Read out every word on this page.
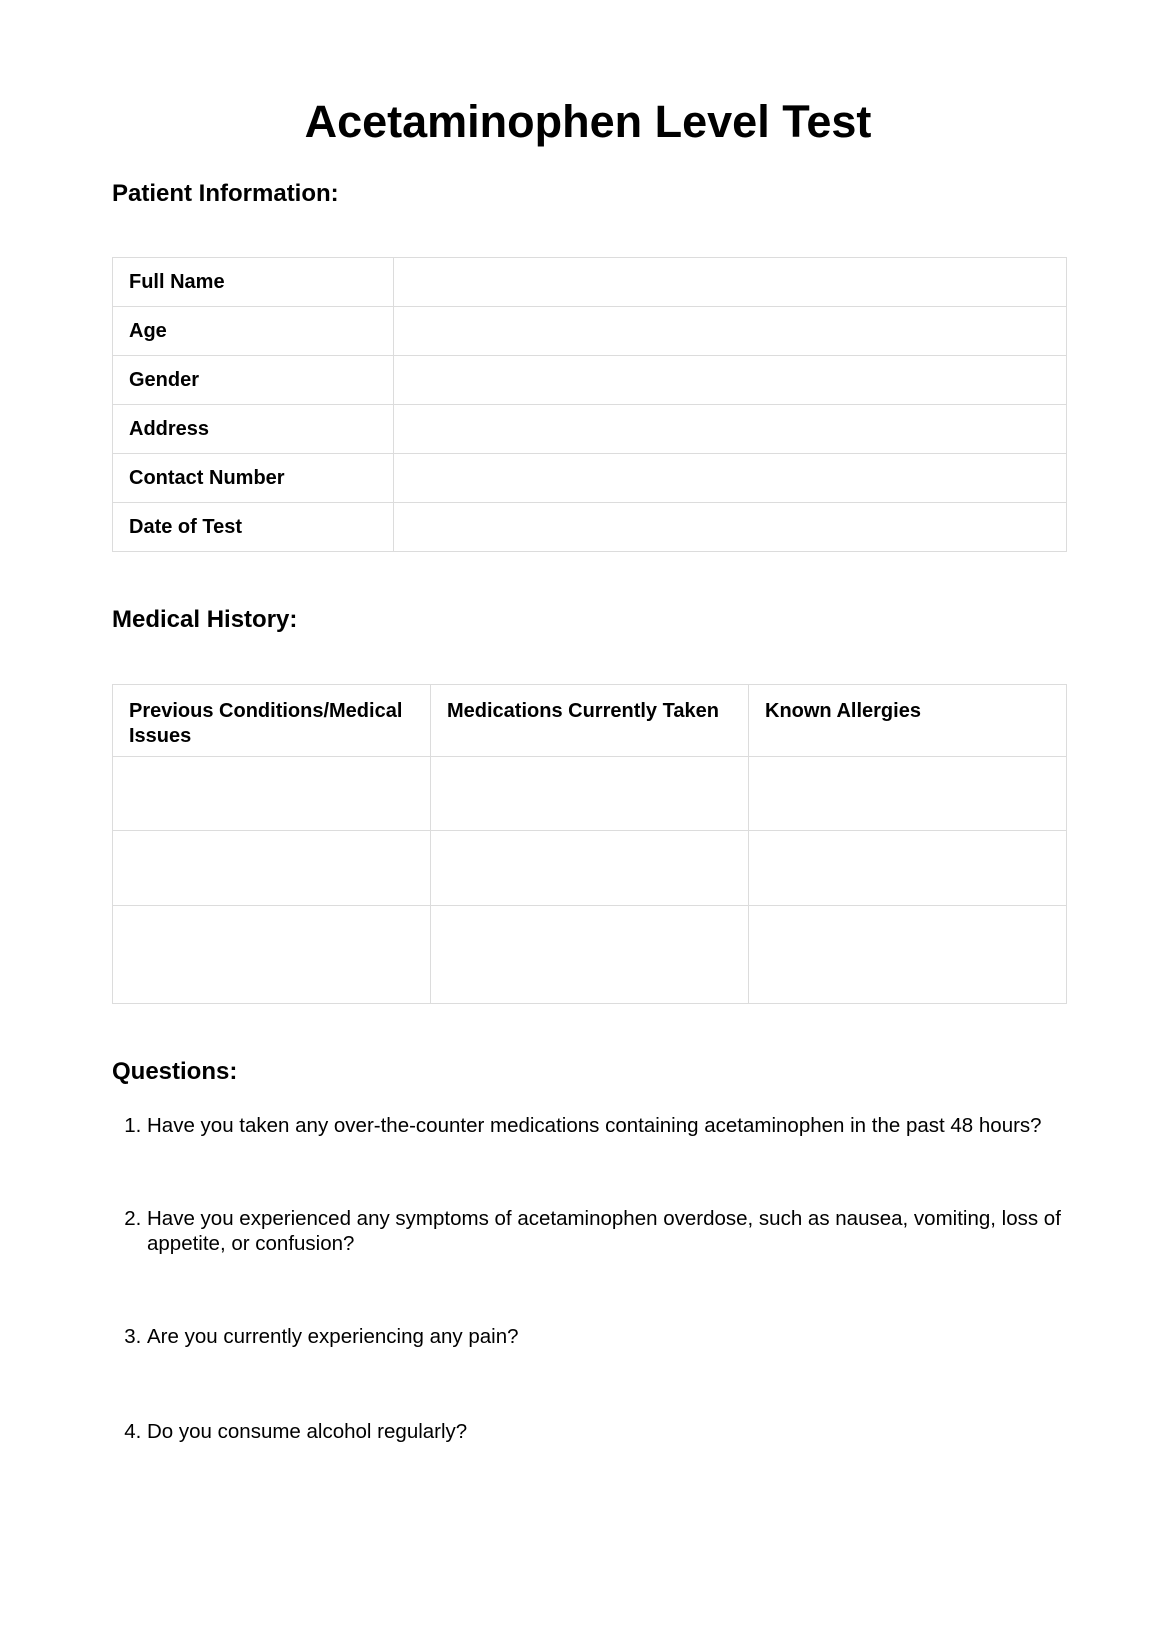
Acetaminophen Level Test
Patient Information:
Full Name	
Age	
Gender	
Address	
Contact Number	
Date of Test	
Medical History:
Previous Conditions/Medical Issues	Medications Currently Taken	Known Allergies

Questions:
1. Have you taken any over-the-counter medications containing acetaminophen in the past 48 hours?
2. Have you experienced any symptoms of acetaminophen overdose, such as nausea, vomiting, loss of appetite, or confusion?
3. Are you currently experiencing any pain?
4. Do you consume alcohol regularly?
